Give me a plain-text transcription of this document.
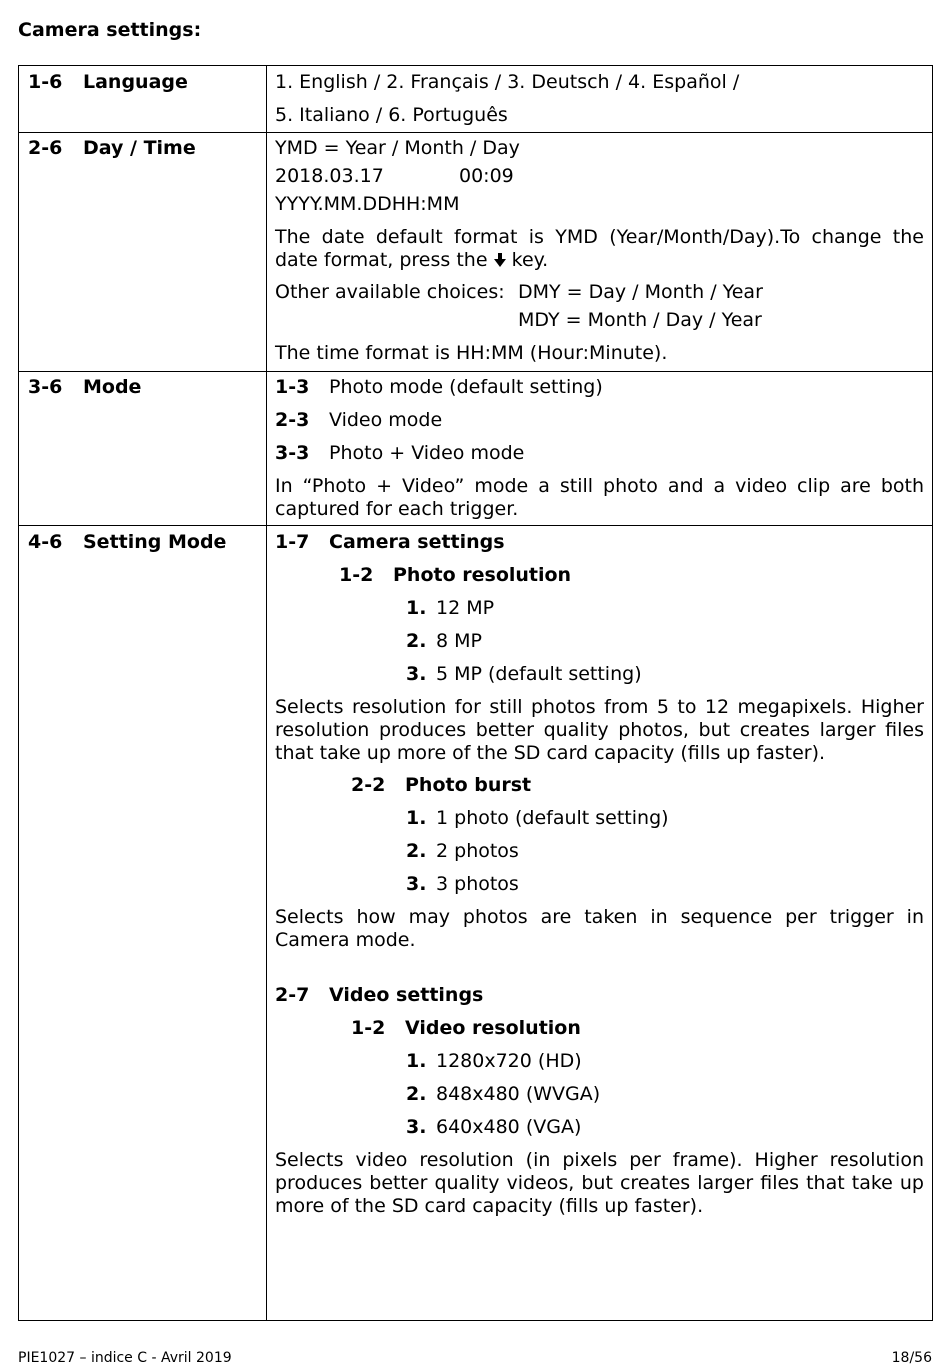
Camera settings:
1-6 Language	1. English / 2. Français / 3. Deutsch / 4. Español /
5. Italiano / 6. Português
2-6 Day / Time	YMD = Year / Month / Day
2018.03.17	00:09
YYYY.MM.DDHH:MM
The date default format is YMD (Year/Month/Day).To change the date format, press the key.
Other available choices: DMY = Day / Month / Year
MDY = Month / Day / Year
The time format is HH:MM (Hour:Minute).
3-6 Mode	1-3 Photo mode (default setting)
2-3 Video mode
3-3 Photo + Video mode
In “Photo + Video” mode a still photo and a video clip are both captured for each trigger.
4-6 Setting Mode	1-7 Camera settings
1-2 Photo resolution
1. 12 MP
2. 8 MP
3. 5 MP (default setting)
Selects resolution for still photos from 5 to 12 megapixels. Higher resolution produces better quality photos, but creates larger files that take up more of the SD card capacity (fills up faster).
2-2 Photo burst
1. 1 photo (default setting)
2. 2 photos
3. 3 photos
Selects how may photos are taken in sequence per trigger in Camera mode.
2-7 Video settings
1-2 Video resolution
1. 1280x720 (HD)
2. 848x480 (WVGA)
3. 640x480 (VGA)
Selects video resolution (in pixels per frame). Higher resolution produces better quality videos, but creates larger files that take up more of the SD card capacity (fills up faster).
PIE1027 – indice C - Avril 2019	18/56
